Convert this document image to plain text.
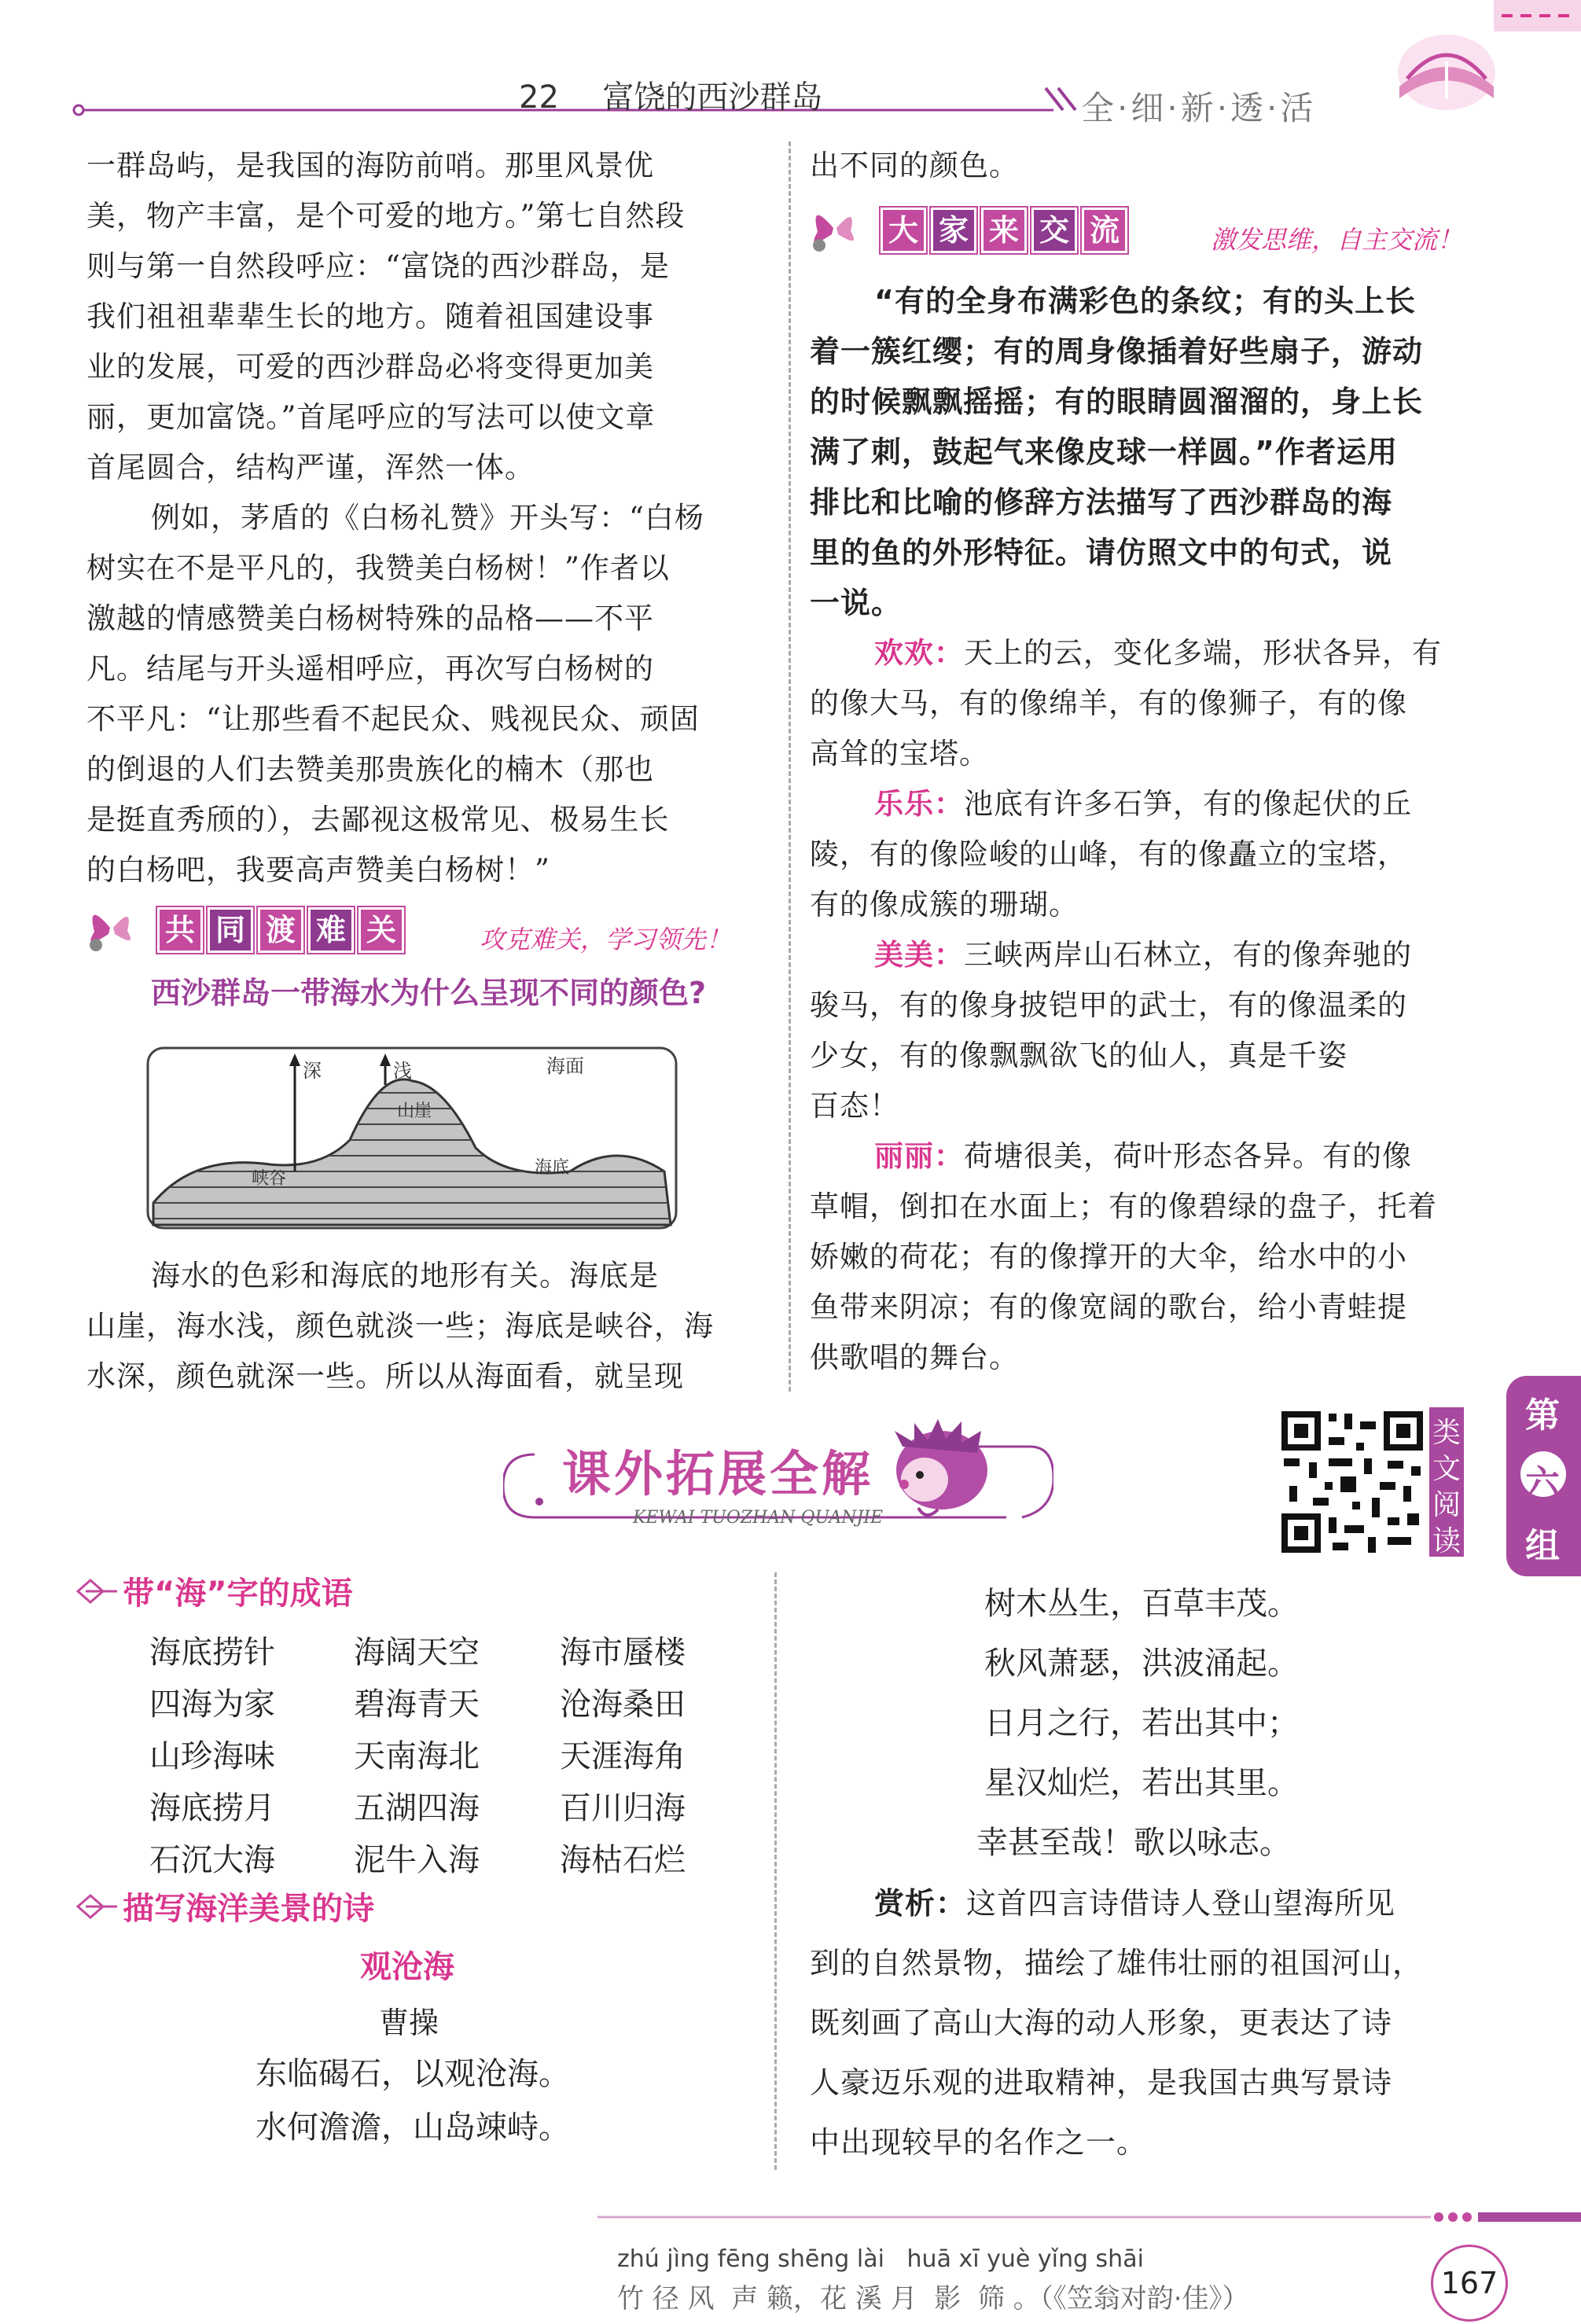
22 富饶的西沙群岛	全·细·新·透·活
一群岛屿，是我国的海防前哨。那里风景优
美，物产丰富，是个可爱的地方。”第七自然段
则与第一自然段呼应：“富饶的西沙群岛，是
我们祖祖辈辈生长的地方。随着祖国建设事
业的发展，可爱的西沙群岛必将变得更加美
丽，更加富饶。”首尾呼应的写法可以使文章
首尾圆合，结构严谨，浑然一体。
例如，茅盾的《白杨礼赞》开头写：“白杨
树实在不是平凡的，我赞美白杨树！”作者以
激越的情感赞美白杨树特殊的品格——不平
凡。结尾与开头遥相呼应，再次写白杨树的
不平凡：“让那些看不起民众、贱视民众、顽固
的倒退的人们去赞美那贵族化的楠木（那也
是挺直秀颀的），去鄙视这极常见、极易生长
的白杨吧，我要高声赞美白杨树！”
共 同 渡 难 关	攻克难关，学习领先！
西沙群岛一带海水为什么呈现不同的颜色?
深	浅	海面
山崖
峡谷
海底
海水的色彩和海底的地形有关。海底是
山崖，海水浅，颜色就淡一些；海底是峡谷，海
水深，颜色就深一些。所以从海面看，就呈现
出不同的颜色。
大 家 来 交 流	激发思维，自主交流！
“有的全身布满彩色的条纹；有的头上长
着一簇红缨；有的周身像插着好些扇子，游动
的时候飘飘摇摇；有的眼睛圆溜溜的，身上长
满了刺，鼓起气来像皮球一样圆。”作者运用
排比和比喻的修辞方法描写了西沙群岛的海
里的鱼的外形特征。请仿照文中的句式，说
一说。
欢欢：天上的云，变化多端，形状各异，有
的像大马，有的像绵羊，有的像狮子，有的像
高耸的宝塔。
乐乐：池底有许多石笋，有的像起伏的丘
陵，有的像险峻的山峰，有的像矗立的宝塔，
有的像成簇的珊瑚。
美美：三峡两岸山石林立，有的像奔驰的
骏马，有的像身披铠甲的武士，有的像温柔的
少女，有的像飘飘欲飞的仙人，真是千姿
百态！
丽丽：荷塘很美，荷叶形态各异。有的像
草帽，倒扣在水面上；有的像碧绿的盘子，托着
娇嫩的荷花；有的像撑开的大伞，给水中的小
鱼带来阴凉；有的像宽阔的歌台，给小青蛙提
供歌唱的舞台。
第
六
组
课外拓展全解
KEWAI TUOZHAN QUANJIE
类
文
阅
读
带“海”字的成语
海底捞针	海阔天空	海市蜃楼
四海为家	碧海青天	沧海桑田
山珍海味	天南海北	天涯海角
海底捞月	五湖四海	百川归海
石沉大海	泥牛入海	海枯石烂
描写海洋美景的诗
观沧海
曹操
东临碣石，以观沧海。
水何澹澹，山岛竦峙。
树木丛生，百草丰茂。
秋风萧瑟，洪波涌起。
日月之行，若出其中；
星汉灿烂，若出其里。
幸甚至哉！歌以咏志。
赏析：这首四言诗借诗人登山望海所见
到的自然景物，描绘了雄伟壮丽的祖国河山，
既刻画了高山大海的动人形象，更表达了诗
人豪迈乐观的进取精神，是我国古典写景诗
中出现较早的名作之一。
zhú jìng fēng shēng lài   huā xī yuè yǐng shāi
竹 径 风  声 籁，花 溪 月  影  筛 。（《笠翁对韵·佳》）	167
